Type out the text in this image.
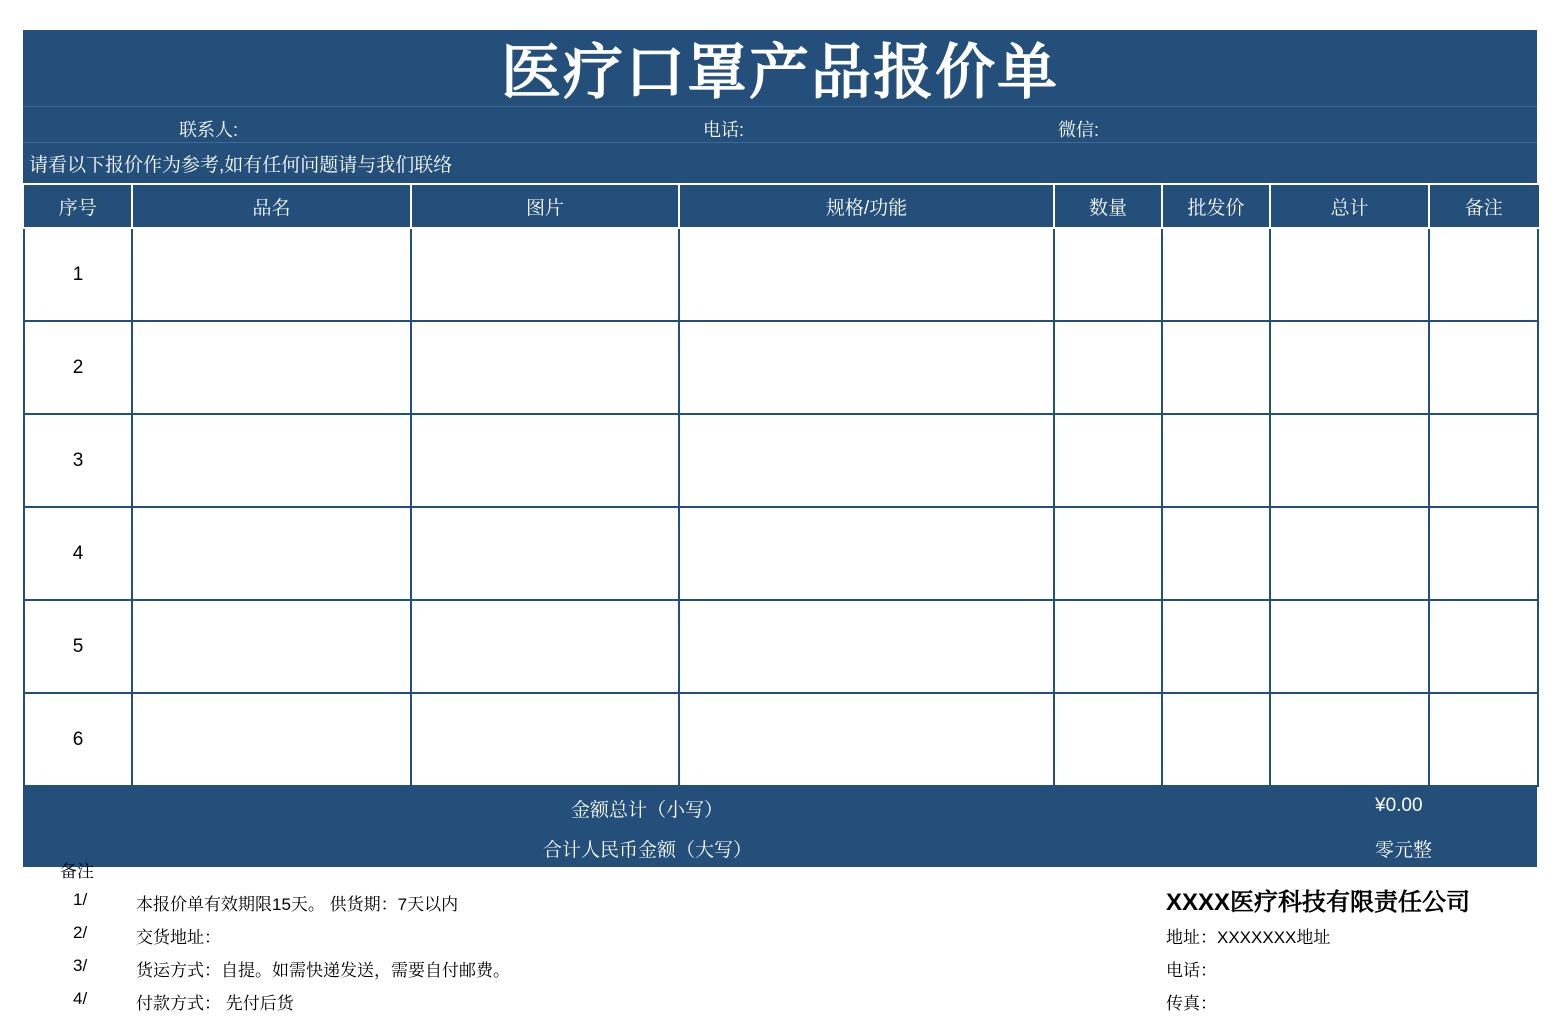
医疗口罩产品报价单
联系人:	电话:	微信:
请看以下报价作为参考,如有任何问题请与我们联络
序号	品名	图片	规格/功能	数量	批发价	总计	备注
1							
2							
3							
4							
5							
6							
金额总计（小写）	¥0.00
合计人民币金额（大写）	零元整
备注
1/	本报价单有效期限15天。 供货期：7天以内
2/	交货地址：
3/	货运方式：自提。如需快递发送，需要自付邮费。
4/	付款方式： 先付后货
XXXX医疗科技有限责任公司
地址：XXXXXXX地址
电话：
传真：
